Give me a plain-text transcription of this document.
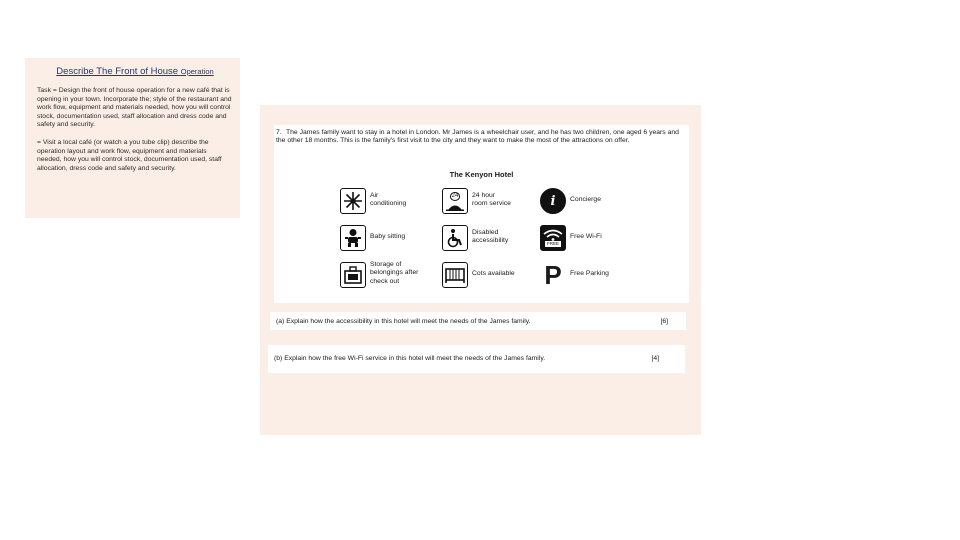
Describe The Front of House Operation

Task = Design the front of house operation for a new café that is opening in your town. Incorporate the; style of the restaurant and work flow, equipment and materials needed, how you will control stock, documentation used, staff allocation and dress code and safety and security.

= Visit a local café (or watch a you tube clip) describe the operation layout and work flow, equipment and materials needed, how you will control stock, documentation used, staff allocation, dress code and safety and security.

7. The James family want to stay in a hotel in London. Mr James is a wheelchair user, and he has two children, one aged 6 years and the other 18 months. This is the family's first visit to the city and they want to make the most of the attractions on offer.
The Kenyon Hotel
Air
conditioning
24 24 hour
room service	i Concierge
Baby sitting
Disabled
accessibility	FREE
Free Wi-Fi
Storage of
belongings after
check out
Cots available P Free Parking
(a) Explain how the accessibility in this hotel will meet the needs of the James family.	[6]
(b) Explain how the free Wi-Fi service in this hotel will meet the needs of the James family.	[4]
